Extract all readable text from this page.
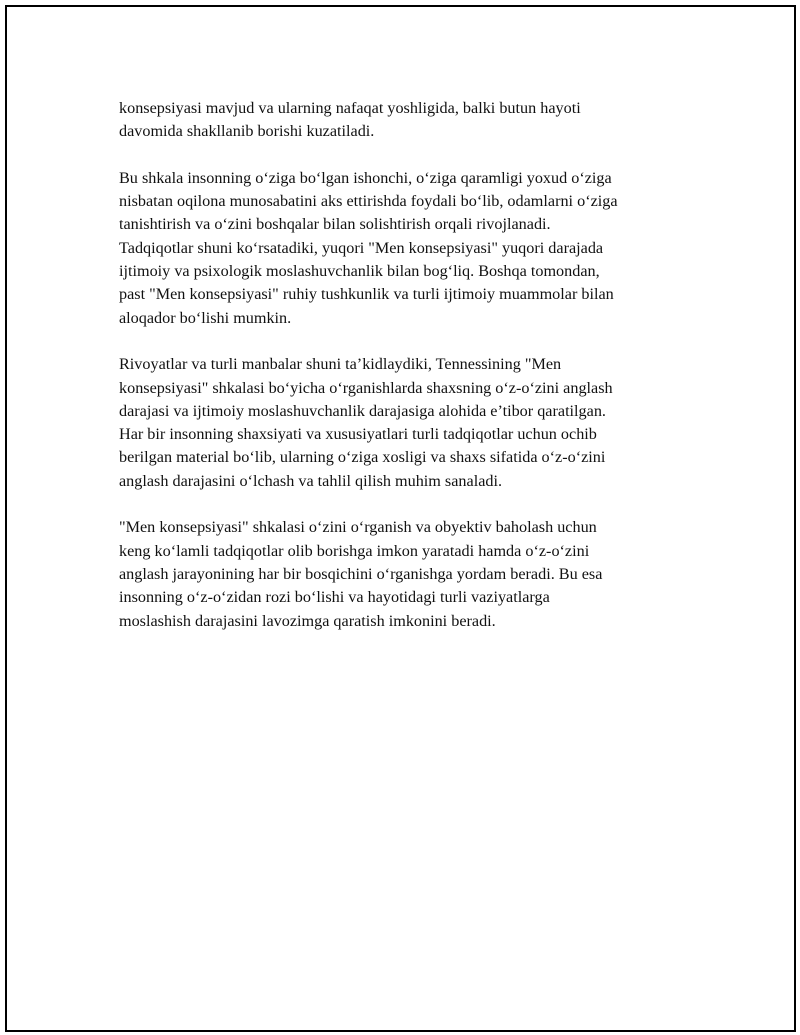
konsepsiyasi mavjud va ularning nafaqat yoshligida, balki butun hayoti
davomida shakllanib borishi kuzatiladi.

Bu shkala insonning o‘ziga bo‘lgan ishonchi, o‘ziga qaramligi yoxud o‘ziga
nisbatan oqilona munosabatini aks ettirishda foydali bo‘lib, odamlarni o‘ziga
tanishtirish va o‘zini boshqalar bilan solishtirish orqali rivojlanadi.
Tadqiqotlar shuni ko‘rsatadiki, yuqori "Men konsepsiyasi" yuqori darajada
ijtimoiy va psixologik moslashuvchanlik bilan bog‘liq. Boshqa tomondan,
past "Men konsepsiyasi" ruhiy tushkunlik va turli ijtimoiy muammolar bilan
aloqador bo‘lishi mumkin.

Rivoyatlar va turli manbalar shuni ta’kidlaydiki, Tennessining "Men
konsepsiyasi" shkalasi bo‘yicha o‘rganishlarda shaxsning o‘z-o‘zini anglash
darajasi va ijtimoiy moslashuvchanlik darajasiga alohida e’tibor qaratilgan.
Har bir insonning shaxsiyati va xususiyatlari turli tadqiqotlar uchun ochib
berilgan material bo‘lib, ularning o‘ziga xosligi va shaxs sifatida o‘z-o‘zini
anglash darajasini o‘lchash va tahlil qilish muhim sanaladi.

"Men konsepsiyasi" shkalasi o‘zini o‘rganish va obyektiv baholash uchun
keng ko‘lamli tadqiqotlar olib borishga imkon yaratadi hamda o‘z-o‘zini
anglash jarayonining har bir bosqichini o‘rganishga yordam beradi. Bu esa
insonning o‘z-o‘zidan rozi bo‘lishi va hayotidagi turli vaziyatlarga
moslashish darajasini lavozimga qaratish imkonini beradi.
